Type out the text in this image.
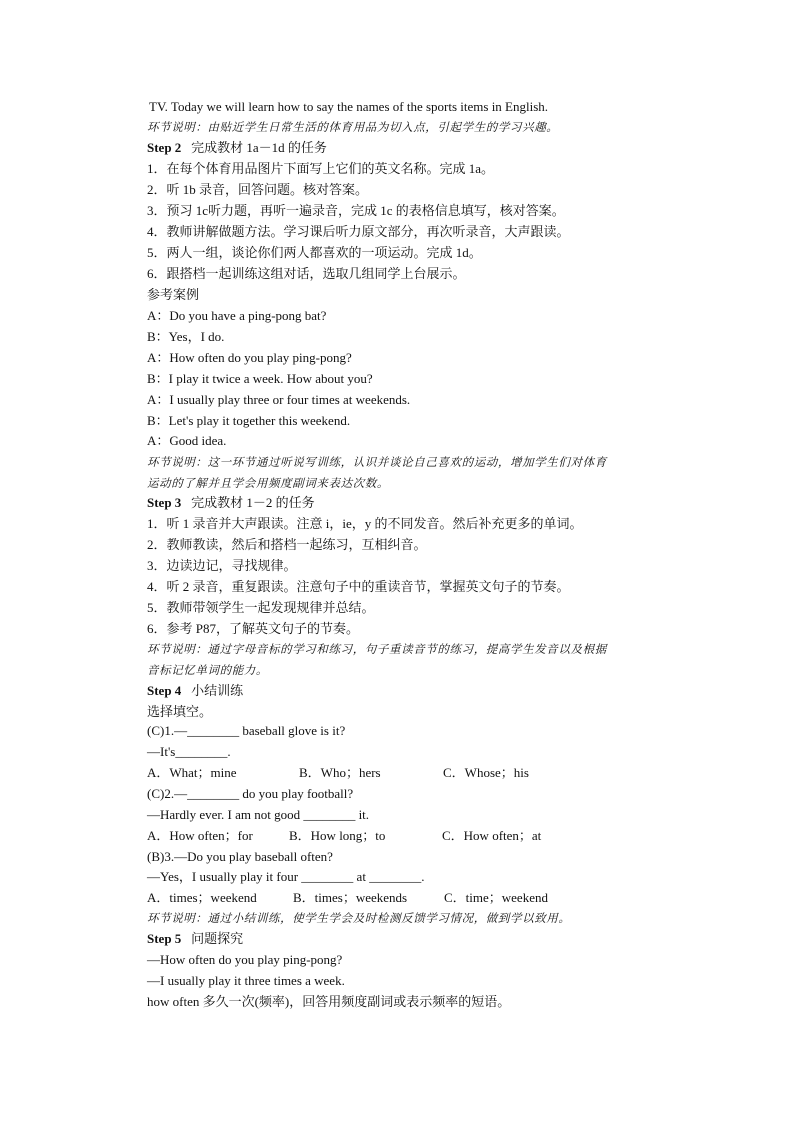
TV. Today we will learn how to say the names of the sports items in English.
环节说明：由贴近学生日常生活的体育用品为切入点，引起学生的学习兴趣。
Step 2 完成教材 1a－1d 的任务
1．在每个体育用品图片下面写上它们的英文名称。完成 1a。
2．听 1b 录音，回答问题。核对答案。
3．预习 1c听力题，再听一遍录音，完成 1c 的表格信息填写，核对答案。
4．教师讲解做题方法。学习课后听力原文部分，再次听录音，大声跟读。
5．两人一组，谈论你们两人都喜欢的一项运动。完成 1d。
6．跟搭档一起训练这组对话，选取几组同学上台展示。
参考案例
A：Do you have a ping-pong bat?
B：Yes，I do.
A：How often do you play ping-pong?
B：I play it twice a week. How about you?
A：I usually play three or four times at weekends.
B：Let's play it together this weekend.
A：Good idea.
环节说明：这一环节通过听说写训练，认识并谈论自己喜欢的运动，增加学生们对体育
运动的了解并且学会用频度副词来表达次数。
Step 3 完成教材 1－2 的任务
1．听 1 录音并大声跟读。注意 i，ie，y 的不同发音。然后补充更多的单词。
2．教师教读，然后和搭档一起练习，互相纠音。
3．边读边记，寻找规律。
4．听 2 录音，重复跟读。注意句子中的重读音节，掌握英文句子的节奏。
5．教师带领学生一起发现规律并总结。
6．参考 P87，了解英文句子的节奏。
环节说明：通过字母音标的学习和练习，句子重读音节的练习，提高学生发音以及根据
音标记忆单词的能力。
Step 4 小结训练
选择填空。
(C)1.—________ baseball glove is it?
—It's________.
A．What；mine	B．Who；hers	C．Whose；his
(C)2.—________ do you play football?
—Hardly ever. I am not good ________ it.
A．How often；for	B．How long；to	C．How often；at
(B)3.—Do you play baseball often?
—Yes，I usually play it four ________ at ________.
A．times；weekend	B．times；weekends	C．time；weekend
环节说明：通过小结训练，使学生学会及时检测反馈学习情况，做到学以致用。
Step 5 问题探究
—How often do you play ping-pong?
—I usually play it three times a week.
how often 多久一次(频率)，回答用频度副词或表示频率的短语。
